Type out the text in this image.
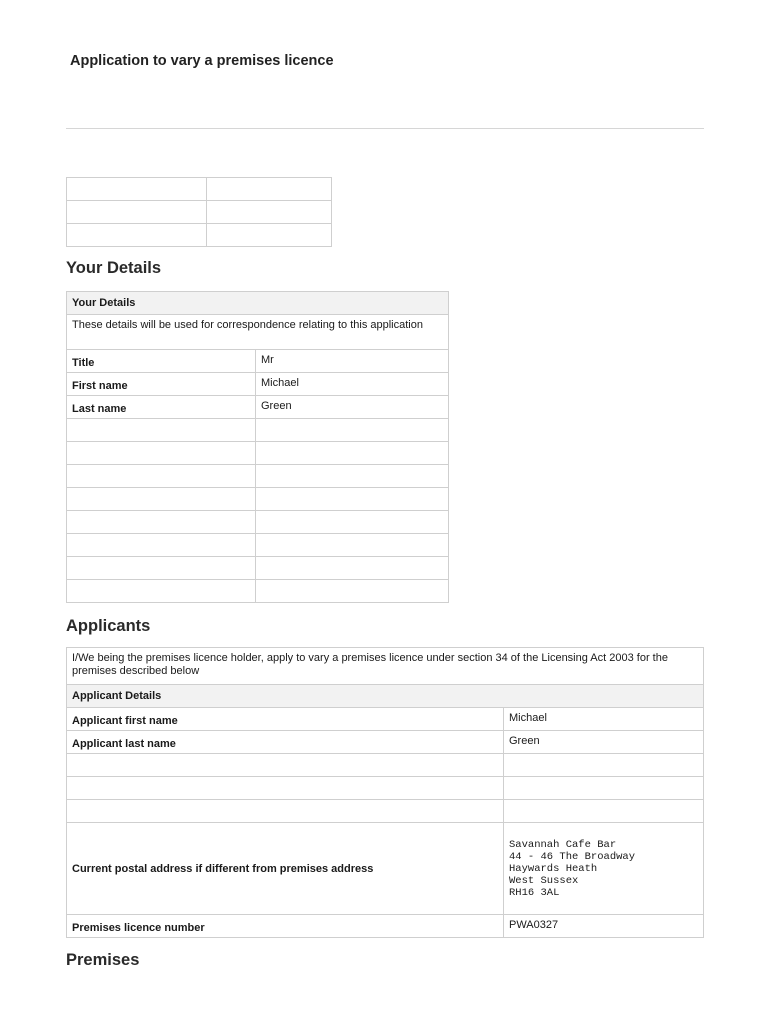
Application to vary a premises licence

Your Details
Your Details	
These details will be used for correspondence relating to this application	
Title	Mr
First name	Michael
Last name	Green

Applicants
I/We being the premises licence holder, apply to vary a premises licence under section 34 of the Licensing Act 2003 for the premises described below	
Applicant Details	
Applicant first name	Michael
Applicant last name	Green

Current postal address if different from premises address	Savannah Cafe Bar
44 - 46 The Broadway
Haywards Heath
West Sussex
RH16 3AL

Premises licence number	PWA0327
Premises
